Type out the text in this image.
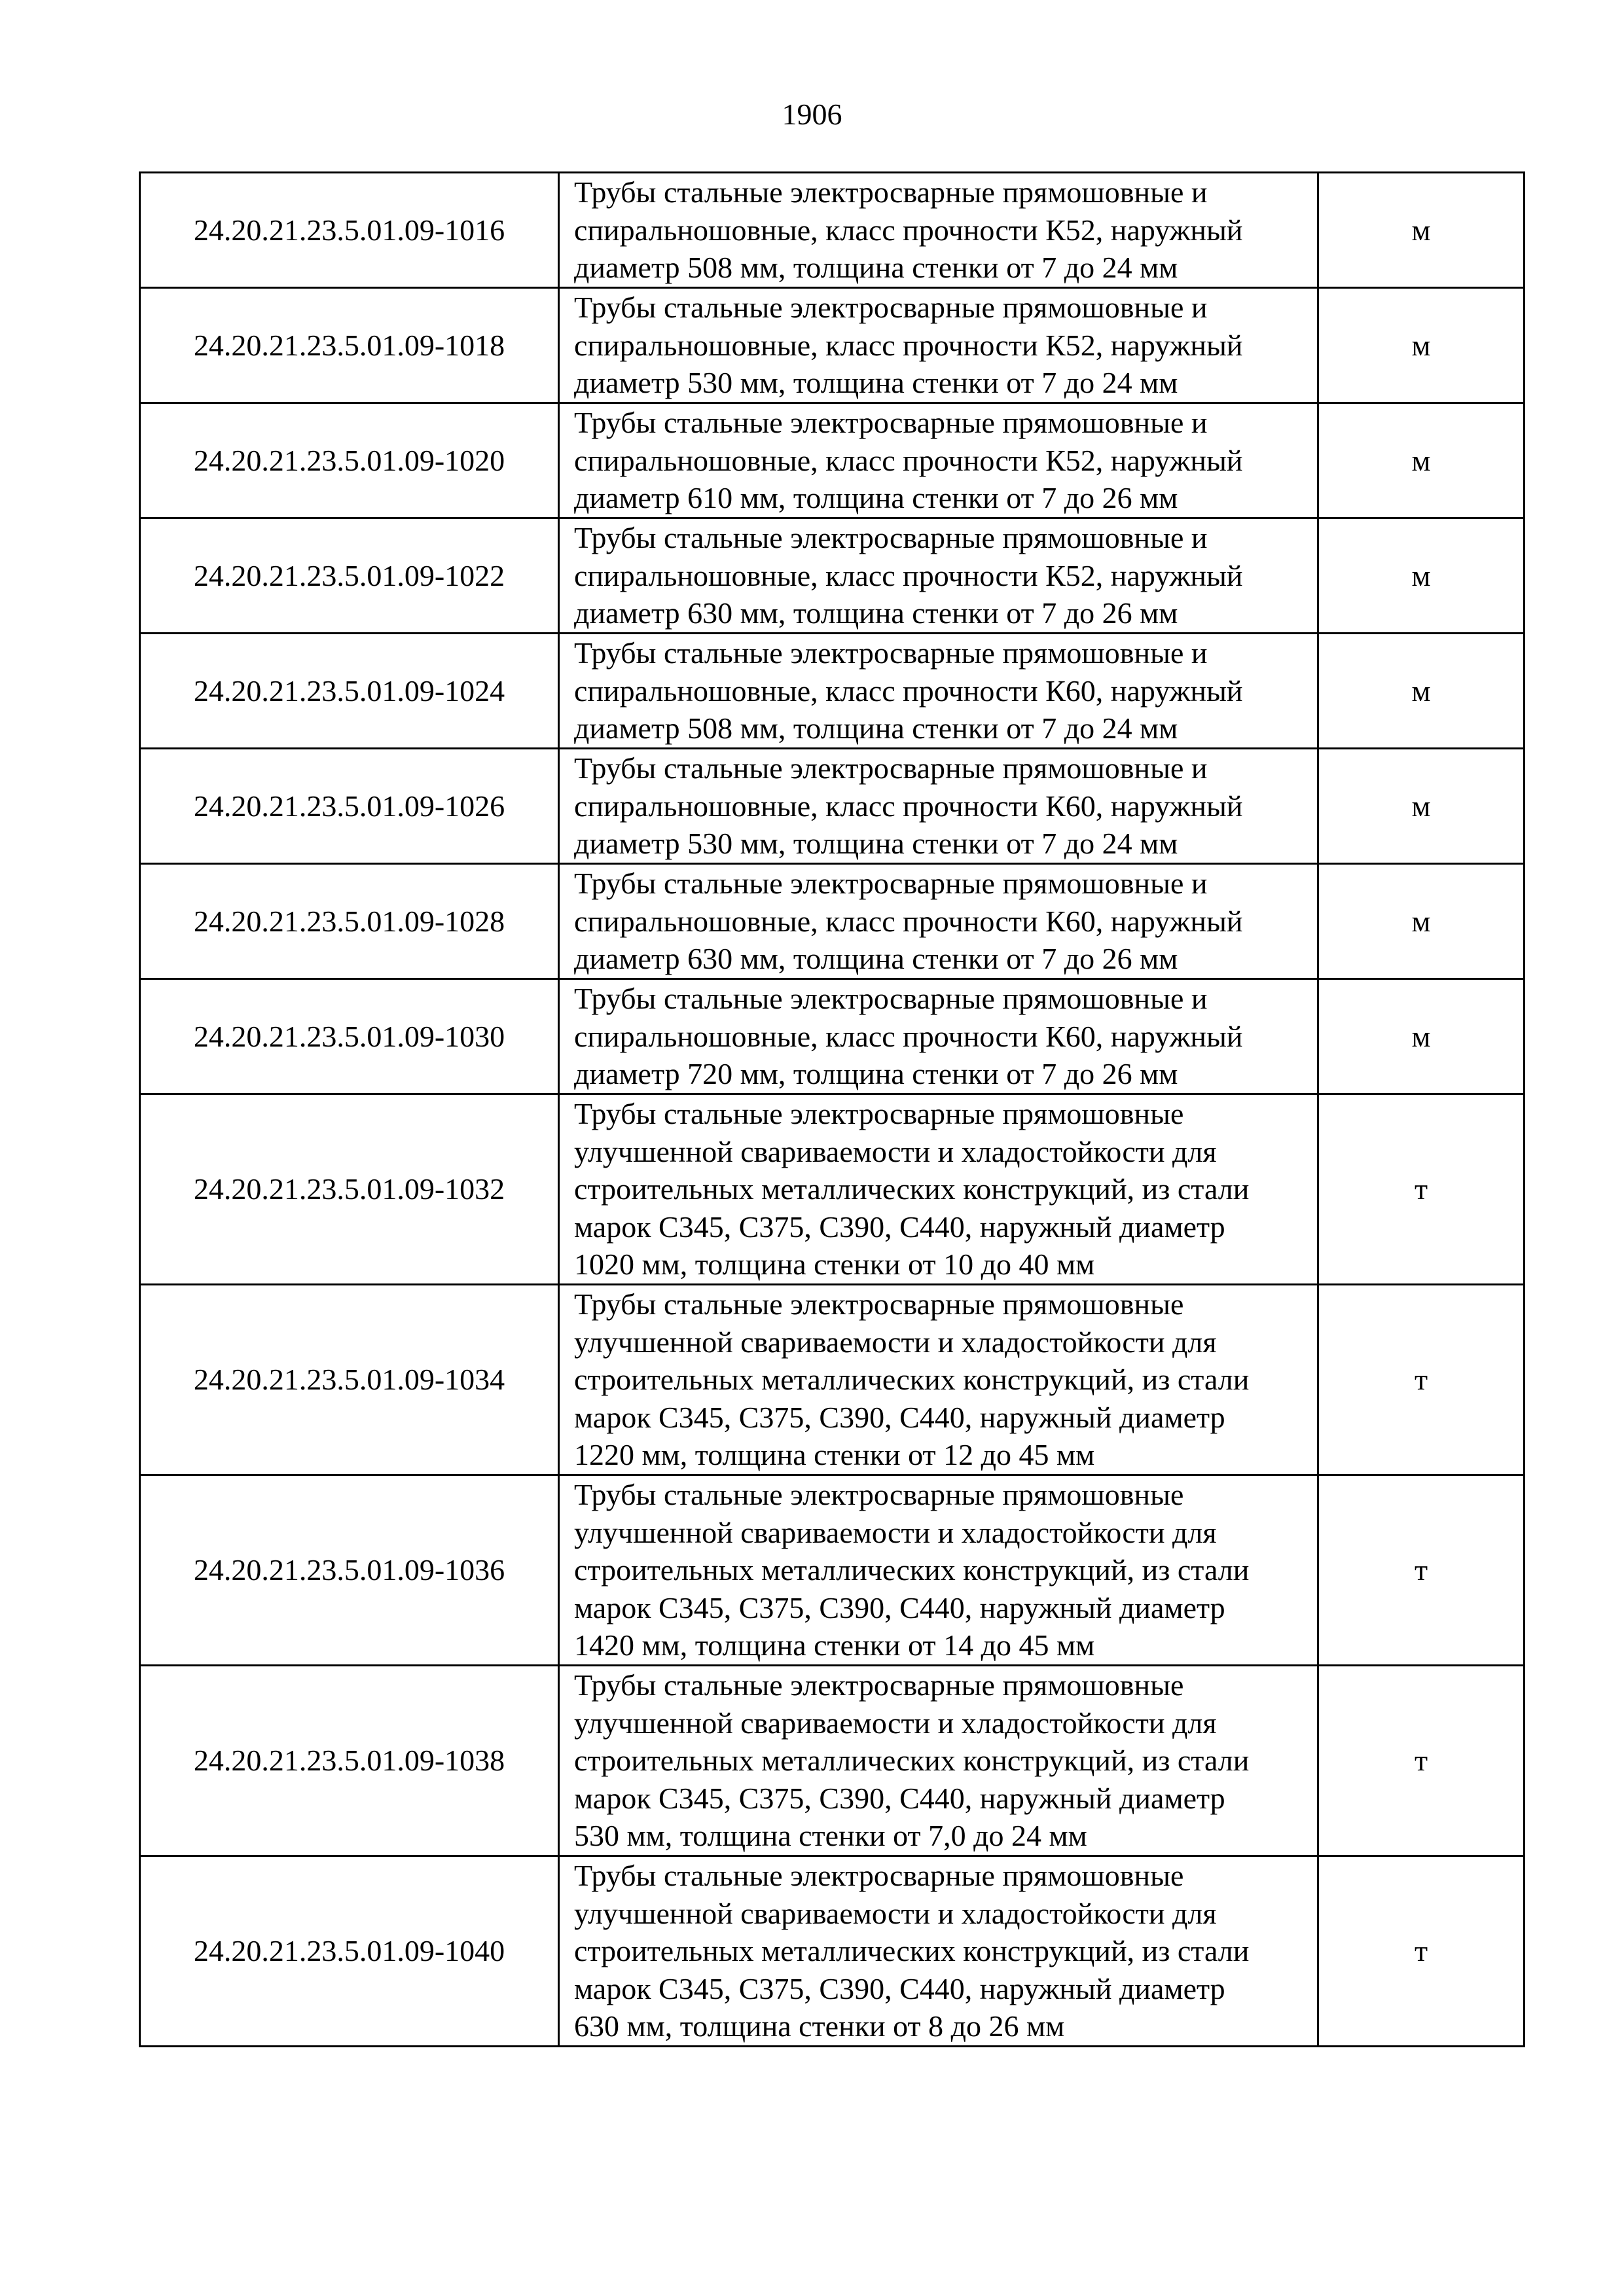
1906
24.20.21.23.5.01.09-1016	Трубы стальные электросварные прямошовные и
спиральношовные, класс прочности К52, наружный
диаметр 508 мм, толщина стенки от 7 до 24 мм	м
24.20.21.23.5.01.09-1018	Трубы стальные электросварные прямошовные и
спиральношовные, класс прочности К52, наружный
диаметр 530 мм, толщина стенки от 7 до 24 мм	м
24.20.21.23.5.01.09-1020	Трубы стальные электросварные прямошовные и
спиральношовные, класс прочности К52, наружный
диаметр 610 мм, толщина стенки от 7 до 26 мм	м
24.20.21.23.5.01.09-1022	Трубы стальные электросварные прямошовные и
спиральношовные, класс прочности К52, наружный
диаметр 630 мм, толщина стенки от 7 до 26 мм	м
24.20.21.23.5.01.09-1024	Трубы стальные электросварные прямошовные и
спиральношовные, класс прочности К60, наружный
диаметр 508 мм, толщина стенки от 7 до 24 мм	м
24.20.21.23.5.01.09-1026	Трубы стальные электросварные прямошовные и
спиральношовные, класс прочности К60, наружный
диаметр 530 мм, толщина стенки от 7 до 24 мм	м
24.20.21.23.5.01.09-1028	Трубы стальные электросварные прямошовные и
спиральношовные, класс прочности К60, наружный
диаметр 630 мм, толщина стенки от 7 до 26 мм	м
24.20.21.23.5.01.09-1030	Трубы стальные электросварные прямошовные и
спиральношовные, класс прочности К60, наружный
диаметр 720 мм, толщина стенки от 7 до 26 мм	м
24.20.21.23.5.01.09-1032	Трубы стальные электросварные прямошовные
улучшенной свариваемости и хладостойкости для
строительных металлических конструкций, из стали
марок С345, С375, С390, С440, наружный диаметр
1020 мм, толщина стенки от 10 до 40 мм	т
24.20.21.23.5.01.09-1034	Трубы стальные электросварные прямошовные
улучшенной свариваемости и хладостойкости для
строительных металлических конструкций, из стали
марок С345, С375, С390, С440, наружный диаметр
1220 мм, толщина стенки от 12 до 45 мм	т
24.20.21.23.5.01.09-1036	Трубы стальные электросварные прямошовные
улучшенной свариваемости и хладостойкости для
строительных металлических конструкций, из стали
марок С345, С375, С390, С440, наружный диаметр
1420 мм, толщина стенки от 14 до 45 мм	т
24.20.21.23.5.01.09-1038	Трубы стальные электросварные прямошовные
улучшенной свариваемости и хладостойкости для
строительных металлических конструкций, из стали
марок С345, С375, С390, С440, наружный диаметр
530 мм, толщина стенки от 7,0 до 24 мм	т
24.20.21.23.5.01.09-1040	Трубы стальные электросварные прямошовные
улучшенной свариваемости и хладостойкости для
строительных металлических конструкций, из стали
марок С345, С375, С390, С440, наружный диаметр
630 мм, толщина стенки от 8 до 26 мм	т
